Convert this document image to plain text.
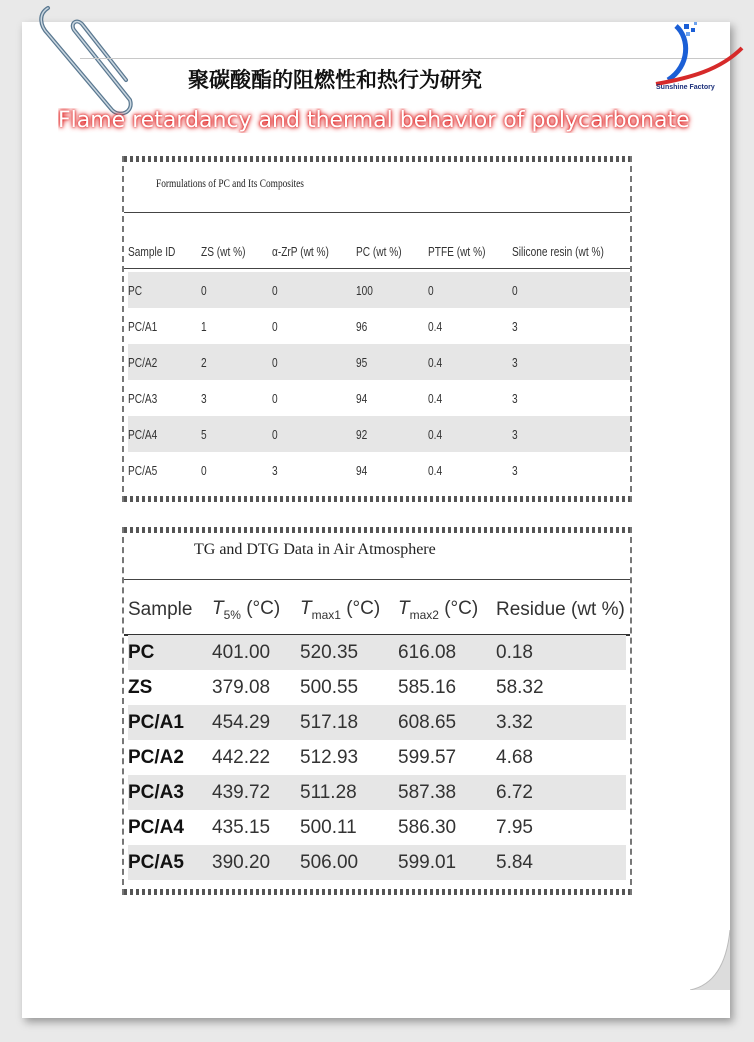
聚碳酸酯的阻燃性和热行为研究
Flame retardancy and thermal behavior of polycarbonate
Sunshine Factory
Formulations of PC and Its Composites
Sample ID	ZS (wt %)	α-ZrP (wt %)	PC (wt %)	PTFE (wt %)	Silicone resin (wt %)
PC	0	0	100	0	0
PC/A1	1	0	96	0.4	3
PC/A2	2	0	95	0.4	3
PC/A3	3	0	94	0.4	3
PC/A4	5	0	92	0.4	3
PC/A5	0	3	94	0.4	3
TG and DTG Data in Air Atmosphere
Sample	$T_{5\%}$ (°C)	$T_{max1}$ (°C)	$T_{max2}$ (°C)	Residue (wt %)
PC	401.00	520.35	616.08	0.18
ZS	379.08	500.55	585.16	58.32
PC/A1	454.29	517.18	608.65	3.32
PC/A2	442.22	512.93	599.57	4.68
PC/A3	439.72	511.28	587.38	6.72
PC/A4	435.15	500.11	586.30	7.95
PC/A5	390.20	506.00	599.01	5.84
